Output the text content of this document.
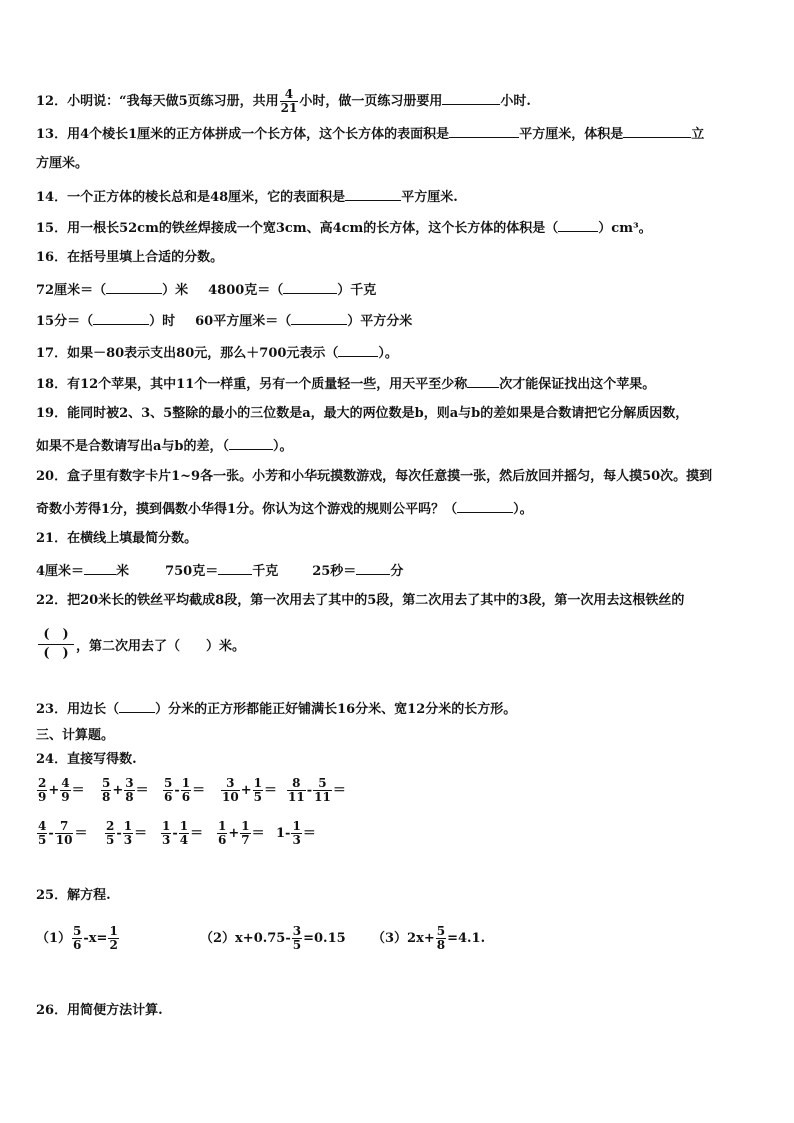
12．小明说：“我每天做5页练习册，共用 $\frac{4}{21}$ 小时，做一页练习册要用	小时.
13．用4个棱长1厘米的正方体拼成一个长方体，这个长方体的表面积是	平方厘米，体积是	立
方厘米。
14．一个正方体的棱长总和是48厘米，它的表面积是	平方厘米.
15．用一根长52cm的铁丝焊接成一个宽3cm、高4cm的长方体，这个长方体的体积是（	）cm³。
16．在括号里填上合适的分数。
72厘米＝（	）米 4800克＝（	）千克
15分＝（	）时 60平方厘米＝（	）平方分米
17．如果－80表示支出80元，那么＋700元表示（	）。
18．有12个苹果，其中11个一样重，另有一个质量轻一些，用天平至少称 次才能保证找出这个苹果。
19．能同时被2、3、5整除的最小的三位数是a，最大的两位数是b，则a与b的差如果是合数请把它分解质因数，
如果不是合数请写出a与b的差，（	）。
20．盒子里有数字卡片1~9各一张。小芳和小华玩摸数游戏，每次任意摸一张，然后放回并摇匀，每人摸50次。摸到
奇数小芳得1分，摸到偶数小华得1分。你认为这个游戏的规则公平吗？（	）。
21．在横线上填最简分数。
4厘米＝ 米	750克＝	千克	25秒＝	分
22．把20米长的铁丝平均截成8段，第一次用去了其中的5段，第二次用去了其中的3段，第一次用去这根铁丝的
(　)
(　) ，第二次用去了（　　）米。
23．用边长（	）分米的正方形都能正好铺满长16分米、宽12分米的长方形。
三、计算题。
24．直接写得数.
$\frac{2}{9} + \frac{4}{9} = \frac{5}{8} + \frac{3}{8} = \frac{5}{6} - \frac{1}{6} = \frac{3}{10} + \frac{1}{5} = \frac{8}{11} - \frac{5}{11}$ ＝
$\frac{4}{5} - \frac{7}{10} = \frac{2}{5} - \frac{1}{3} = \frac{1}{3} - \frac{1}{4} = \frac{1}{6} + \frac{1}{7} = 1- \frac{1}{3}$ ＝
25．解方程.
$(1) \frac{5}{6} -x= \frac{1}{2}$	$(2)x+0.75- \frac{3}{5} =0.15$ $(3)2x+ \frac{5}{8} =4.1$.
26．用简便方法计算.
